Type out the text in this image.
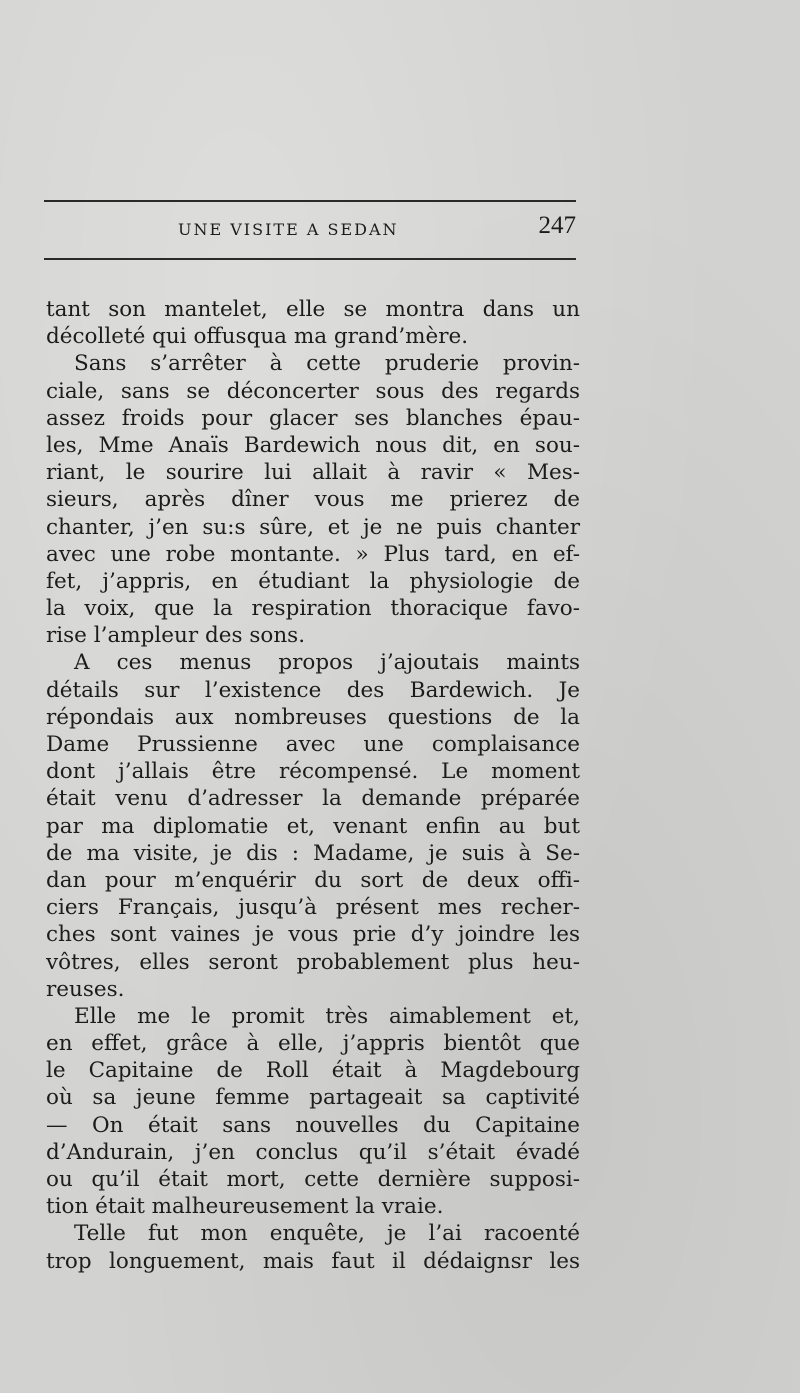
UNE VISITE A SEDAN	247
tant son mantelet, elle se montra dans un
décolleté qui offusqua ma grand’mère.
Sans s’arrêter à cette pruderie provin-
ciale, sans se déconcerter sous des regards
assez froids pour glacer ses blanches épau-
les, Mme Anaïs Bardewich nous dit, en sou-
riant, le sourire lui allait à ravir « Mes-
sieurs, après dîner vous me prierez de
chanter, j’en su:s sûre, et je ne puis chanter
avec une robe montante. » Plus tard, en ef-
fet, j’appris, en étudiant la physiologie de
la voix, que la respiration thoracique favo-
rise l’ampleur des sons.
A ces menus propos j’ajoutais maints
détails sur l’existence des Bardewich. Je
répondais aux nombreuses questions de la
Dame Prussienne avec une complaisance
dont j’allais être récompensé. Le moment
était venu d’adresser la demande préparée
par ma diplomatie et, venant enfin au but
de ma visite, je dis : Madame, je suis à Se-
dan pour m’enquérir du sort de deux offi-
ciers Français, jusqu’à présent mes recher-
ches sont vaines je vous prie d’y joindre les
vôtres, elles seront probablement plus heu-
reuses.
Elle me le promit très aimablement et,
en effet, grâce à elle, j’appris bientôt que
le Capitaine de Roll était à Magdebourg
où sa jeune femme partageait sa captivité
— On était sans nouvelles du Capitaine
d’Andurain, j’en conclus qu’il s’était évadé
ou qu’il était mort, cette dernière supposi-
tion était malheureusement la vraie.
Telle fut mon enquête, je l’ai racoenté
trop longuement, mais faut il dédaignsr les
